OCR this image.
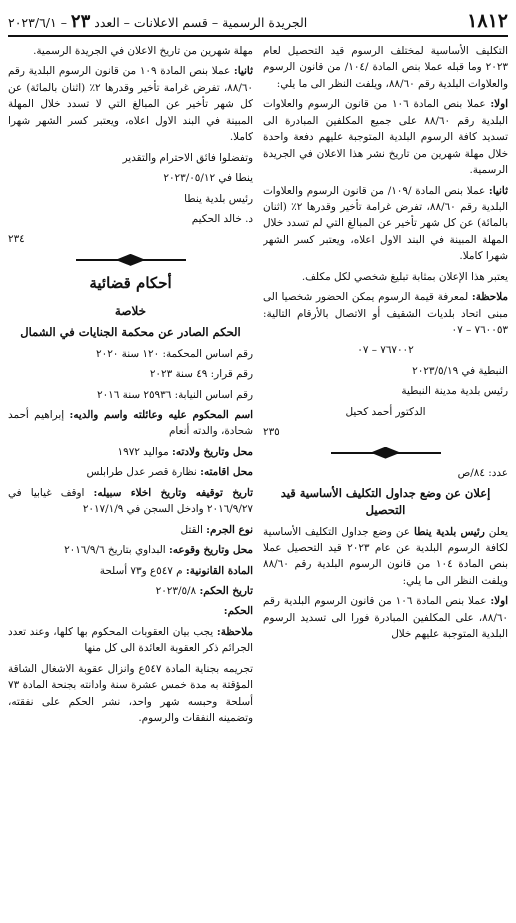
١٨١٢
الجريدة الرسمية – قسم الاعلانات – العدد ٢٣ – ٢٠٢٣/٦/١

التكليف الأساسية لمختلف الرسوم قيد التحصيل لعام ٢٠٢٣ وما قبله عملا بنص المادة /١٠٤/ من قانون الرسوم والعلاوات البلدية رقم ٨٨/٦٠، ويلفت النظر الى ما يلي:

اولا: عملا بنص المادة ١٠٦ من قانون الرسوم والعلاوات البلدية رقم ٨٨/٦٠ على جميع المكلفين المبادرة الى تسديد كافة الرسوم البلدية المتوجبة عليهم دفعة واحدة خلال مهلة شهرين من تاريخ نشر هذا الاعلان في الجريدة الرسمية.

ثانيا: عملا بنص المادة /١٠٩/ من قانون الرسوم والعلاوات البلدية رقم ٨٨/٦٠، تفرض غرامة تأخير وقدرها ٢٪ (اثنان بالمائة) عن كل شهر تأخير عن المبالغ التي لم تسدد خلال المهلة المبينة في البند الاول اعلاه، ويعتبر كسر الشهر شهرا كاملا.

يعتبر هذا الإعلان بمثابة تبليغ شخصي لكل مكلف.

ملاحظة: لمعرفة قيمة الرسوم يمكن الحضور شخصيا الى مبنى اتحاد بلديات الشقيف أو الاتصال بالأرقام التالية: ٧٦٠٠٥٣ – ٠٧

٧٦٧٠٠٢ – ٠٧

النبطية في ٢٠٢٣/٥/١٩

رئيس بلدية مدينة النبطية

الدكتور أحمد كحيل

٢٣٥

عدد: ٨٤/ص

إعلان عن وضع جداول التكليف الأساسية قيد التحصيل

يعلن رئيس بلدية ينطا عن وضع جداول التكليف الأساسية لكافة الرسوم البلدية عن عام ٢٠٢٣ قيد التحصيل عملا بنص المادة ١٠٤ من قانون الرسوم البلدية رقم ٨٨/٦٠ ويلفت النظر الى ما يلي:

اولا: عملا بنص المادة ١٠٦ من قانون الرسوم البلدية رقم ٨٨/٦٠، على المكلفين المبادرة فورا الى تسديد الرسوم البلدية المتوجبة عليهم خلال

مهلة شهرين من تاريخ الاعلان في الجريدة الرسمية.

ثانيا: عملا بنص المادة ١٠٩ من قانون الرسوم البلدية رقم ٨٨/٦٠، تفرض غرامة تأخير وقدرها ٢٪ (اثنان بالمائة) عن كل شهر تأخير عن المبالغ التي لا تسدد خلال المهلة المبينة في البند الاول اعلاه، ويعتبر كسر الشهر شهرا كاملا.

وتفضلوا فائق الاحترام والتقدير

ينطا في ٢٠٢٣/٠٥/١٢

رئيس بلدية ينطا

د. خالد الحكيم

٢٣٤
أحكام قضائية
خلاصة
الحكم الصادر عن محكمة الجنايات في الشمال

رقم اساس المحكمة: ١٢٠ سنة ٢٠٢٠

رقم قرار: ٤٩ سنة ٢٠٢٣

رقم اساس النيابة: ٢٥٩٣٦ سنة ٢٠١٦

اسم المحكوم عليه وعائلته واسم والديه: إبراهيم أحمد شحادة، والدته أنعام

محل وتاريخ ولادته: مواليد ١٩٧٢

محل اقامته: نظارة قصر عدل طرابلس

تاريخ توقيفه وتاريخ اخلاء سبيله: اوقف غيابيا في ٢٠١٦/٩/٢٧ وادخل السجن في ٢٠١٧/١/٩

نوع الجرم: القتل

محل وتاريخ وقوعه: البداوي بتاريخ ٢٠١٦/٩/٦

المادة القانونية: م ٥٤٧ع و٧٣ أسلحة

تاريخ الحكم: ٢٠٢٣/٥/٨

الحكم:

ملاحظة: يجب بيان العقوبات المحكوم بها كلها، وعند تعدد الجرائم ذكر العقوبة العائدة الى كل منها

تجريمه بجناية المادة ٥٤٧ع وانزال عقوبة الاشغال الشاقة المؤقتة به مدة خمس عشرة سنة وادانته بجنحة المادة ٧٣ أسلحة وحبسه شهر واحد، نشر الحكم على نفقته، وتضمينه النفقات والرسوم.
